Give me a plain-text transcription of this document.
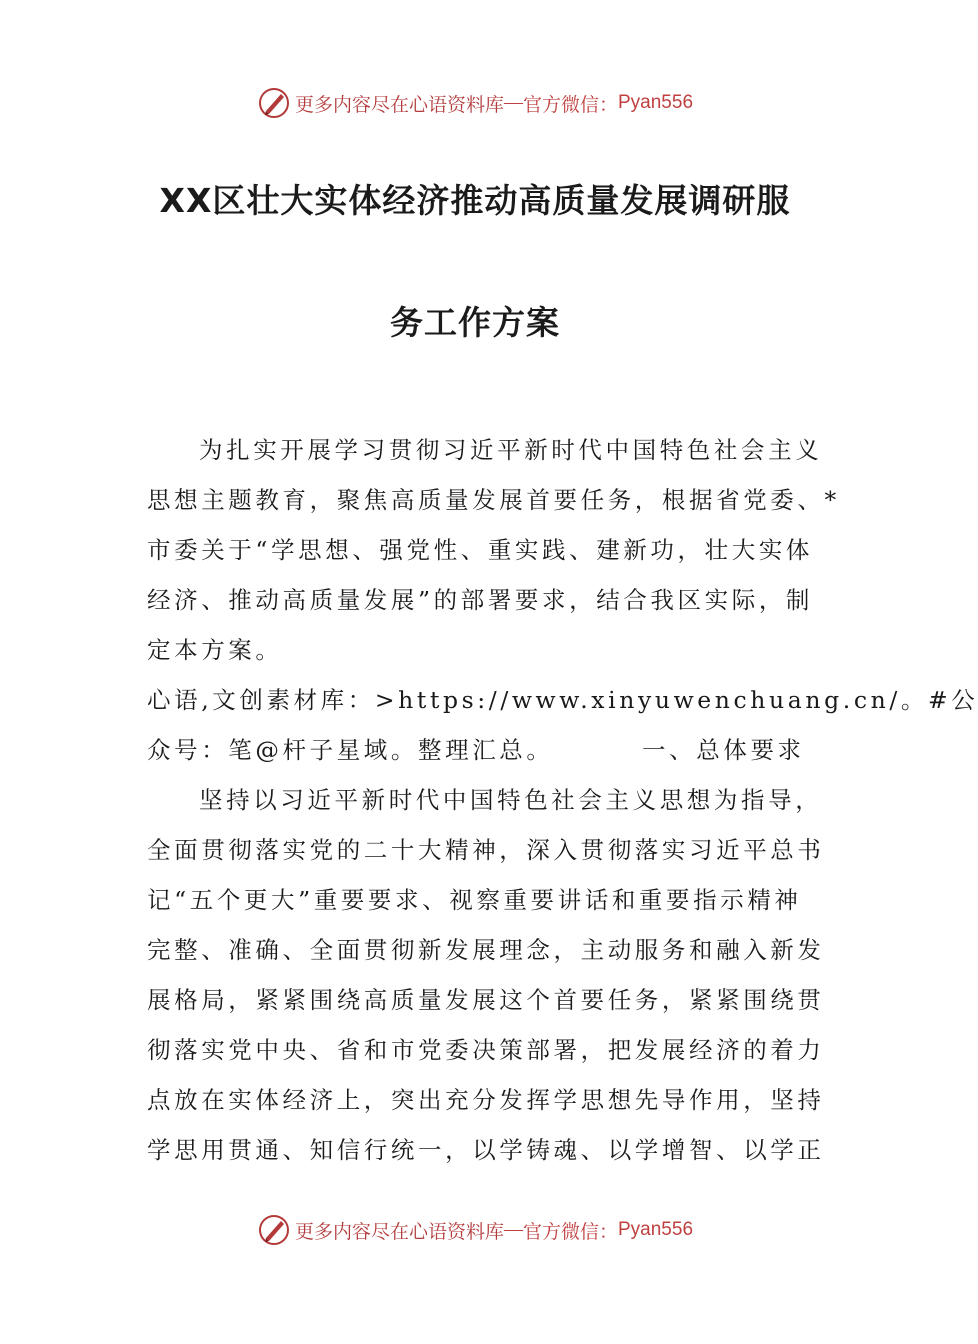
更多内容尽在心语资料库 — 官方微信： Pyan556
XX区壮大实体经济推动高质量发展调研服
务工作方案
为扎实开展学习贯彻习近平新时代中国特色社会主义
思想主题教育，聚焦高质量发展首要任务，根据省党委、*
市委关于“学思想、强党性、重实践、建新功，壮大实体
经济、推动高质量发展”的部署要求，结合我区实际，制
定本方案。
心语,文创素材库：>https://www.xinyuwenchuang.cn/。#公
众号：笔@杆子星域。整理汇总。        一、总体要求
坚持以习近平新时代中国特色社会主义思想为指导，
全面贯彻落实党的二十大精神，深入贯彻落实习近平总书
记“五个更大”重要要求、视察重要讲话和重要指示精神
完整、准确、全面贯彻新发展理念，主动服务和融入新发
展格局，紧紧围绕高质量发展这个首要任务，紧紧围绕贯
彻落实党中央、省和市党委决策部署，把发展经济的着力
点放在实体经济上，突出充分发挥学思想先导作用，坚持
学思用贯通、知信行统一，以学铸魂、以学增智、以学正
更多内容尽在心语资料库 — 官方微信： Pyan556
